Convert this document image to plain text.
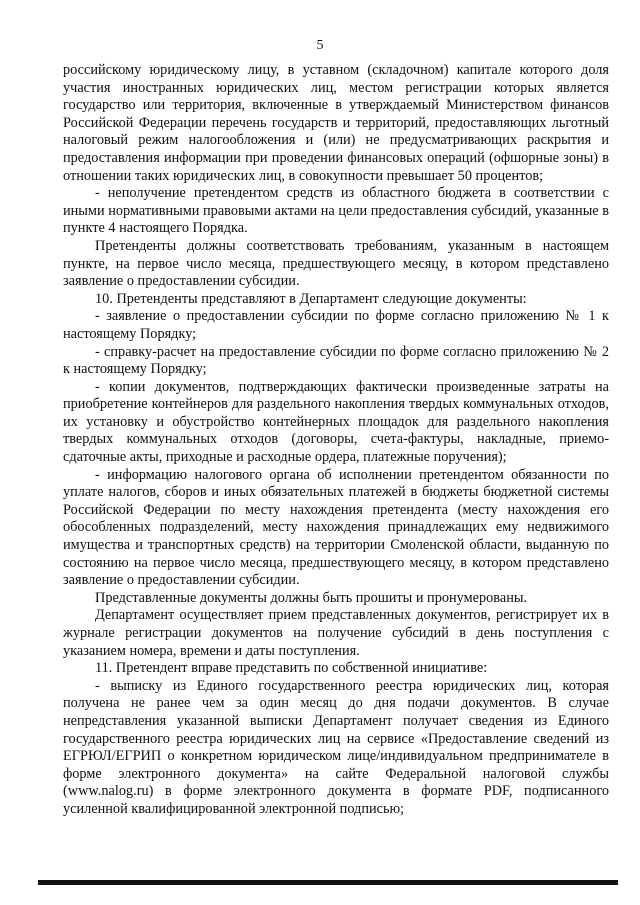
5

российскому юридическому лицу, в уставном (складочном) капитале которого доля участия иностранных юридических лиц, местом регистрации которых является государство или территория, включенные в утверждаемый Министерством финансов Российской Федерации перечень государств и территорий, предоставляющих льготный налоговый режим налогообложения и (или) не предусматривающих раскрытия и предоставления информации при проведении финансовых операций (офшорные зоны) в отношении таких юридических лиц, в совокупности превышает 50 процентов;

- неполучение претендентом средств из областного бюджета в соответствии с иными нормативными правовыми актами на цели предоставления субсидий, указанные в пункте 4 настоящего Порядка.

Претенденты должны соответствовать требованиям, указанным в настоящем пункте, на первое число месяца, предшествующего месяцу, в котором представлено заявление о предоставлении субсидии.

10. Претенденты представляют в Департамент следующие документы:

- заявление о предоставлении субсидии по форме согласно приложению № 1 к настоящему Порядку;

- справку-расчет на предоставление субсидии по форме согласно приложению № 2 к настоящему Порядку;

- копии документов, подтверждающих фактически произведенные затраты на приобретение контейнеров для раздельного накопления твердых коммунальных отходов, их установку и обустройство контейнерных площадок для раздельного накопления твердых коммунальных отходов (договоры, счета-фактуры, накладные, приемо-сдаточные акты, приходные и расходные ордера, платежные поручения);

- информацию налогового органа об исполнении претендентом обязанности по уплате налогов, сборов и иных обязательных платежей в бюджеты бюджетной системы Российской Федерации по месту нахождения претендента (месту нахождения его обособленных подразделений, месту нахождения принадлежащих ему недвижимого имущества и транспортных средств) на территории Смоленской области, выданную по состоянию на первое число месяца, предшествующего месяцу, в котором представлено заявление о предоставлении субсидии.

Представленные документы должны быть прошиты и пронумерованы.

Департамент осуществляет прием представленных документов, регистрирует их в журнале регистрации документов на получение субсидий в день поступления с указанием номера, времени и даты поступления.

11. Претендент вправе представить по собственной инициативе:

- выписку из Единого государственного реестра юридических лиц, которая получена не ранее чем за один месяц до дня подачи документов. В случае непредставления указанной выписки Департамент получает сведения из Единого государственного реестра юридических лиц на сервисе «Предоставление сведений из ЕГРЮЛ/ЕГРИП о конкретном юридическом лице/индивидуальном предпринимателе в форме электронного документа» на сайте Федеральной налоговой службы (www.nalog.ru) в форме электронного документа в формате PDF, подписанного усиленной квалифицированной электронной подписью;
